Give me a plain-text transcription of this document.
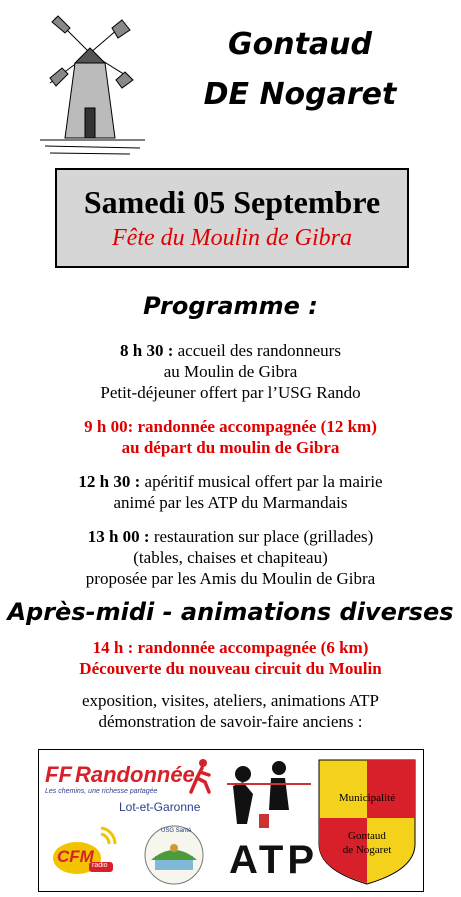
Gontaud
DE Nogaret
Samedi 05 Septembre
Fête du Moulin de Gibra
Programme :
8 h 30 : accueil des randonneurs
au Moulin de Gibra
Petit-déjeuner offert par l’USG Rando
9 h 00: randonnée accompagnée (12 km)
au départ du moulin de Gibra
12 h 30 : apéritif musical offert par la mairie
animé par les ATP du Marmandais
13 h 00 : restauration sur place (grillades)
(tables, chaises et chapiteau)
proposée par les Amis du Moulin de Gibra
Après-midi - animations diverses
14 h : randonnée accompagnée (6 km)
Découverte du nouveau circuit du Moulin
exposition, visites, ateliers, animations ATP
démonstration de savoir-faire anciens :
FF Randonnée
Les chemins, une richesse partagée
Lot-et-Garonne
CFM
radio
USG Santé
ATP
Municipalité
Gontaud
de Nogaret
